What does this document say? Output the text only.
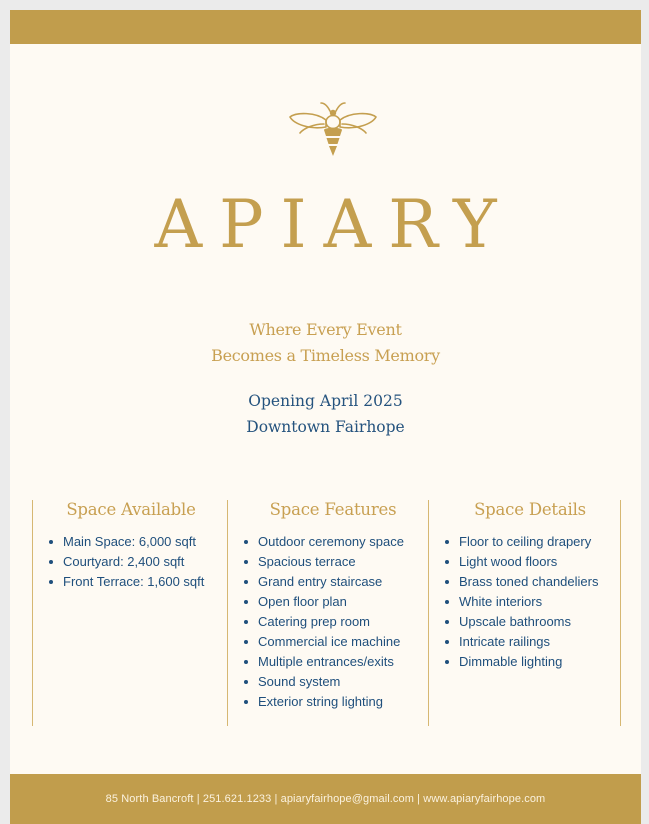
APIARY
Where Every Event
Becomes a Timeless Memory
Opening April 2025
Downtown Fairhope
Space Available
Main Space: 6,000 sqft
Courtyard: 2,400 sqft
Front Terrace: 1,600 sqft
Space Features
Outdoor ceremony space
Spacious terrace
Grand entry staircase
Open floor plan
Catering prep room
Commercial ice machine
Multiple entrances/exits
Sound system
Exterior string lighting
Space Details
Floor to ceiling drapery
Light wood floors
Brass toned chandeliers
White interiors
Upscale bathrooms
Intricate railings
Dimmable lighting
85 North Bancroft | 251.621.1233 | apiaryfairhope@gmail.com | www.apiaryfairhope.com
